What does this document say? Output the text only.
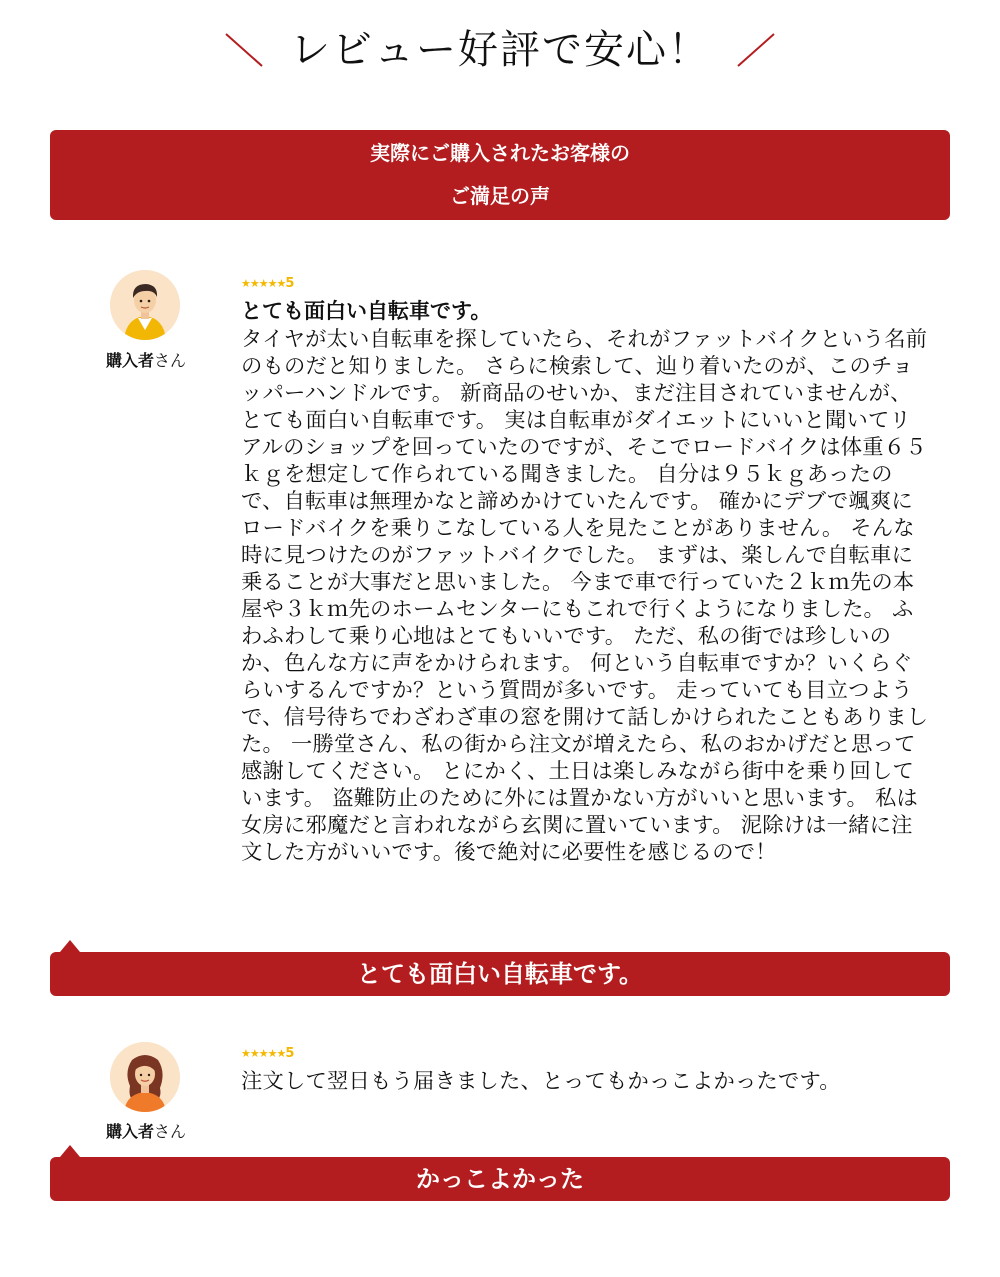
レビュー好評で安心！
実際にご購入されたお客様の
ご満足の声
購入者さん
★★★★★5
とても面白い自転車です。
タイヤが太い自転車を探していたら、それがファットバイクという名前のものだと知りました。 さらに検索して、辿り着いたのが、このチョッパーハンドルです。 新商品のせいか、まだ注目されていませんが、とても面白い自転車です。 実は自転車がダイエットにいいと聞いてリアルのショップを回っていたのですが、そこでロードバイクは体重６５ｋｇを想定して作られている聞きました。 自分は９５ｋｇあったので、自転車は無理かなと諦めかけていたんです。 確かにデブで颯爽にロードバイクを乗りこなしている人を見たことがありません。 そんな時に見つけたのがファットバイクでした。 まずは、楽しんで自転車に乗ることが大事だと思いました。 今まで車で行っていた２ｋｍ先の本屋や３ｋｍ先のホームセンターにもこれで行くようになりました。 ふわふわして乗り心地はとてもいいです。 ただ、私の街では珍しいのか、色んな方に声をかけられます。 何という自転車ですか？いくらぐらいするんですか？という質問が多いです。 走っていても目立つようで、信号待ちでわざわざ車の窓を開けて話しかけられたこともありました。 一勝堂さん、私の街から注文が増えたら、私のおかげだと思って感謝してください。 とにかく、土日は楽しみながら街中を乗り回しています。 盗難防止のために外には置かない方がいいと思います。 私は女房に邪魔だと言われながら玄関に置いています。 泥除けは一緒に注文した方がいいです。後で絶対に必要性を感じるので！
とても面白い自転車です。
購入者さん
★★★★★5
注文して翌日もう届きました、とってもかっこよかったです。
かっこよかった
